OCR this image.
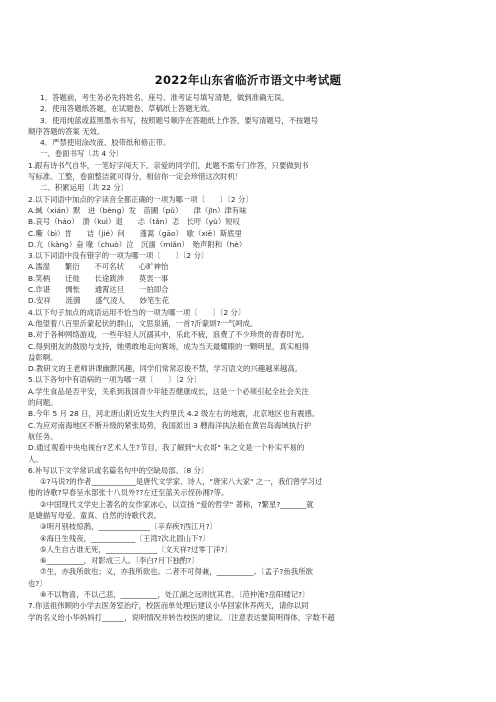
2022年山东省临沂市语文中考试题

1．答题前，考生务必先将姓名、座号、准考证号填写清楚，做到准确无误。

2．使用答题纸答题，在试题卷、草稿纸上答题无效。

3．使用纯蓝或蓝黑墨水书写，按照题号顺序在答题纸上作答，要写清题号，不按题号

顺序答题的答案 无效。

4．严禁使用涂改液、胶带纸和修正带。

一、卷面书写〔共 4 分〕

1.跟有诗书气自华，一笔好字闯天下。亲爱的同学们，此题不需专门作答，只要做到书

写标准、工整，卷面整洁就可得分，相信你一定会珍惜这次时机！

二、积累运用〔共 22 分〕

2.以下词语中加点的字读音全都正确的一项为哪一项〔　　〕〔2 分〕

A.缄（xián）默　迸（bèng）发　苗圃（pǔ）　　津（jīn）津有味

B.哀号（háo）　溃（kuì）退　　忐（tǎn）忑　长吁（yù）短叹

C.嘶（bì）肯　　诘（jié）问　　蓬蒿（gāo）　歇（xiē）斯底里

D.亢（kàng）奋 喙（chuò）泣　沉湎（miǎn）　贻声附和（hè）

3.以下词语中没有错字的一项为哪一项〔　　〕〔2 分〕

A.濡湿　　繁衍　　不可名状　　心旷神怡

B.笑柄　　迁徙　　长途跋涉　　莫衷一事

C.诈谌　　惆怅　　通霄达旦　　一拍即合

D.安祥　　涟漪　　盛气凌人　　妙笔生花

4.以下句子加点的成语运用不恰当的一项为哪一项〔　　〕〔2 分〕

A.他望着八百里沂蒙起伏的群山，文思泉涌，一首?沂蒙颂?一气呵成。

B.对于各种网络游戏，一些年轻人沉溺其中，乐此不疲，浪费了不少珍贵的青春时光。

C.得到朋友的鼓励与支持，她勇敢地走向赛场，成为当天最耀眼的一颗明星，真实相得

益彰啊。

D.教研文的王老师讲课幽默风趣，同学们常常忍俊不禁，学习语文的兴趣越来越高。

5.以下各句中有语病的一项为哪一项〔　　〕〔2 分〕

A.学生食品是否平安，关系到我国青少年能否健康成长，这是一个必须引起全社会关注

的问题。

B.今年 5 月 28 日，河北唐山附近发生大约里氏 4.2 级左右的地震，北京地区也有震感。

C.为应对南海地区不断升级的紧张局势，我国派出 3 艘海洋执法船在黄岩岛海域执行护

航任务。

D.通过观看中央电视台?艺术人生?节目，我了解到"大衣哥" 朱之文是一个朴实平易的

人。

6.补写以下文学常识或名篇名句中的空缺局部。〔8 分〕

①?马说?的作者____________是唐代文学家、诗人，"唐宋八大家" 之一，我们曾学习过

他的诗歌?早春呈水部张十八员外??左迁至蓝关示侄孙湘?等。

②中国现代文学史上著名的女作家冰心，以宣扬 "爱的哲学" 著称，?繁星?_______就

是婕描写母爱、童真、自然的诗歌代表。

③明月别枝惊鹊，______________〔辛弃疾?西江月?〕

④海日生残夜，____________〔王湾?次北固山下?〕

⑤人生自古谁无死，______________〔文天祥?过零丁洋?〕

⑥__________，对影成三人。〔李白?月下独酌?〕

⑦生，亦我所欲也；义，亦我所欲也。二者不可得兼，__________。〔孟子?鱼我所欲

也?〕

⑧不以物喜，不以己悲，__________，处江湖之远则忧其君。〔范仲淹?岳阳楼记?〕

7.你送祖伟顾的小学去医务室治疗，校医而单处理后建议小华回家休养两天，请你以同

学的名义给小华妈妈打______，说明情况并转告校医的建议。〔注意表达要简明得体，字数不超
